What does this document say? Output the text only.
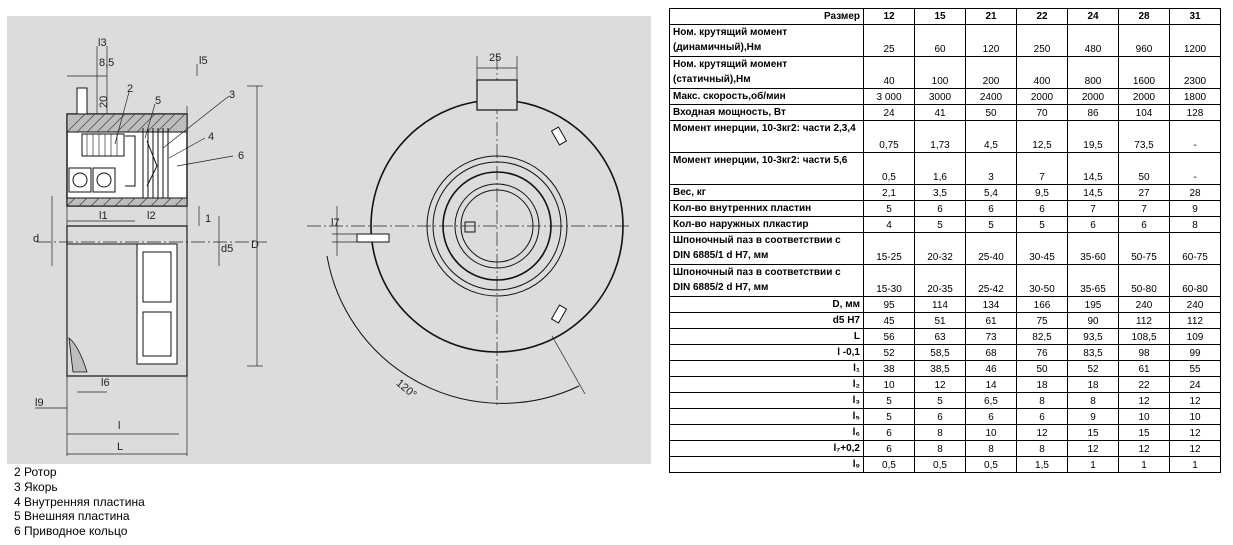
l3
8,5
20
l5
2
5	3
4
6
l1	l2	1
d
d5 D
l6
l9
l
L
25
l7
120°
2 Ротор
3 Якорь
4 Внутренняя пластина
5 Внешняя пластина
6 Приводное кольцо
Размер	12	15	21	22	24	28	31
Ном. крутящий момент (динамичный),Нм	25	60	120	250	480	960	1200
Ном. крутящий момент (статичный),Нм	40	100	200	400	800	1600	2300
Макс. скорость,об/мин	3 000	3000	2400	2000	2000	2000	1800
Входная мощность, Вт	24	41	50	70	86	104	128
Момент инерции, 10-3кг2: части 2,3,4	0,75	1,73	4,5	12,5	19,5	73,5	-
Момент инерции, 10-3кг2: части 5,6	0,5	1,6	3	7	14,5	50	-
Вес, кг	2,1	3,5	5,4	9,5	14,5	27	28
Кол-во внутренних пластин	5	6	6	6	7	7	9
Кол-во наружных плкастир	4	5	5	5	6	6	8
Шпоночный паз в соответствии с DIN 6885/1 d H7, мм	15-25	20-32	25-40	30-45	35-60	50-75	60-75
Шпоночный паз в соответствии с DIN 6885/2 d H7, мм	15-30	20-35	25-42	30-50	35-65	50-80	60-80
D, мм	95	114	134	166	195	240	240
d5 H7	45	51	61	75	90	112	112
L	56	63	73	82,5	93,5	108,5	109
l -0,1	52	58,5	68	76	83,5	98	99
l₁	38	38,5	46	50	52	61	55
l₂	10	12	14	18	18	22	24
l₃	5	5	6,5	8	8	12	12
l₅	5	6	6	6	9	10	10
l₆	6	8	10	12	15	15	12
l₇+0,2	6	8	8	8	12	12	12
l₉	0,5	0,5	0,5	1,5	1	1	1
